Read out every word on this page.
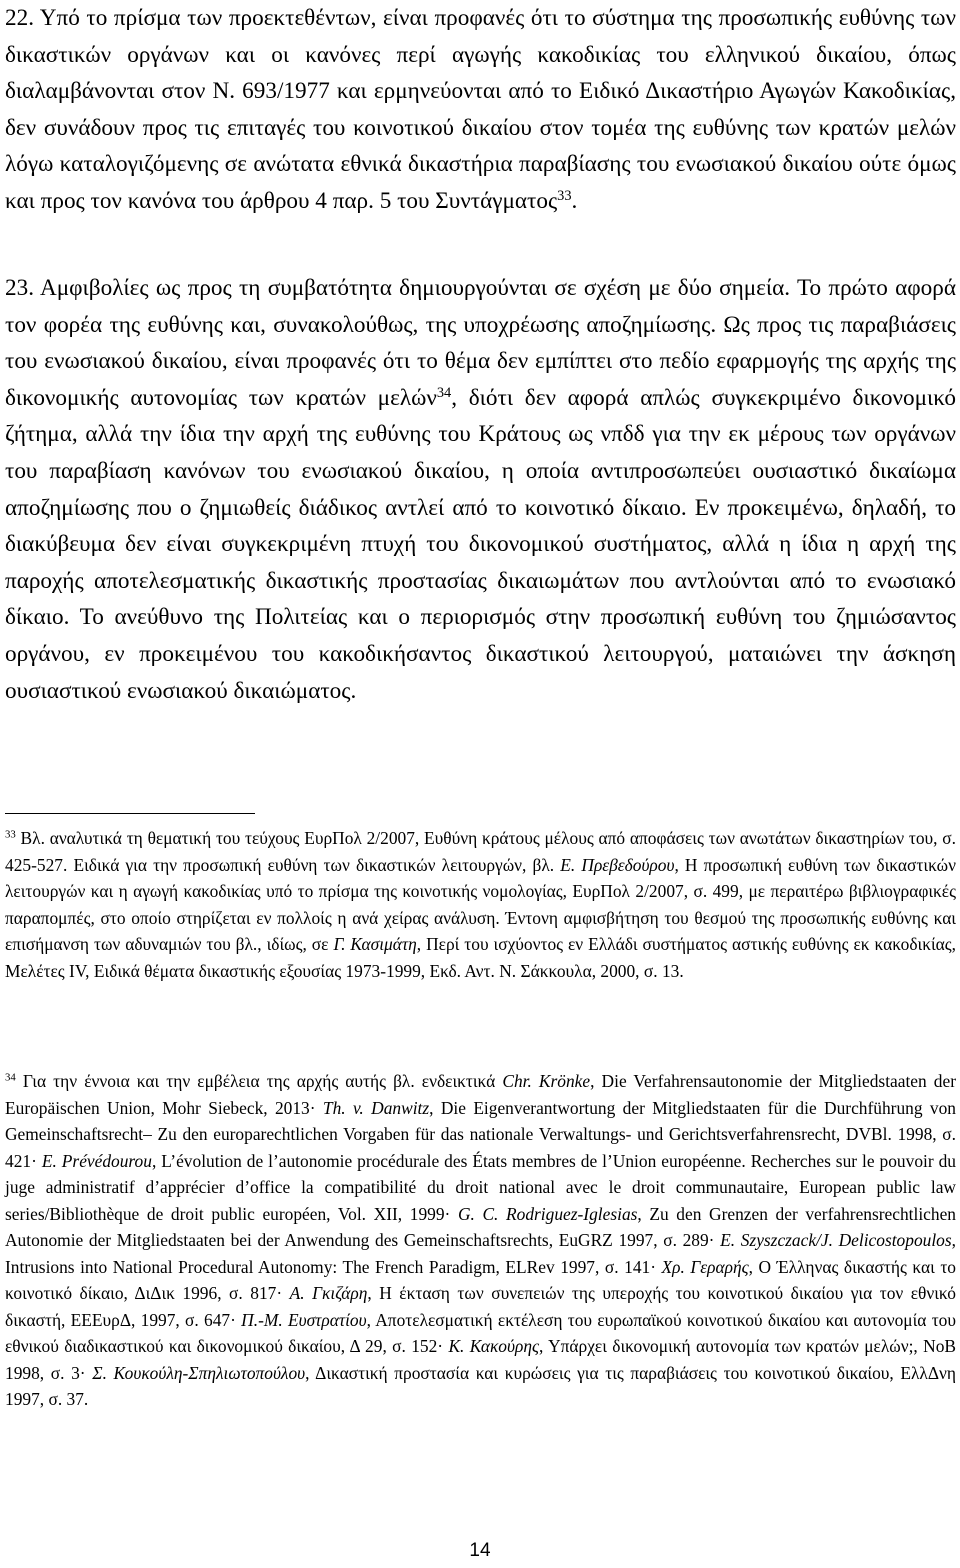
22. Υπό το πρίσμα των προεκτεθέντων, είναι προφανές ότι το σύστημα της προσωπικής ευθύνης των δικαστικών οργάνων και οι κανόνες περί αγωγής κακοδικίας του ελληνικού δικαίου, όπως διαλαμβάνονται στον Ν. 693/1977 και ερμηνεύονται από το Ειδικό Δικαστήριο Αγωγών Κακοδικίας, δεν συνάδουν προς τις επιταγές του κοινοτικού δικαίου στον τομέα της ευθύνης των κρατών μελών λόγω καταλογιζόμενης σε ανώτατα εθνικά δικαστήρια παραβίασης του ενωσιακού δικαίου ούτε όμως και προς τον κανόνα του άρθρου 4 παρ. 5 του Συντάγματος$^{33}$.
23. Αμφιβολίες ως προς τη συμβατότητα δημιουργούνται σε σχέση με δύο σημεία. Το πρώτο αφορά τον φορέα της ευθύνης και, συνακολούθως, της υποχρέωσης αποζημίωσης. Ως προς τις παραβιάσεις του ενωσιακού δικαίου, είναι προφανές ότι το θέμα δεν εμπίπτει στο πεδίο εφαρμογής της αρχής της δικονομικής αυτονομίας των κρατών μελών$^{34}$, διότι δεν αφορά απλώς συγκεκριμένο δικονομικό ζήτημα, αλλά την ίδια την αρχή της ευθύνης του Κράτους ως νπδδ για την εκ μέρους των οργάνων του παραβίαση κανόνων του ενωσιακού δικαίου, η οποία αντιπροσωπεύει ουσιαστικό δικαίωμα αποζημίωσης που ο ζημιωθείς διάδικος αντλεί από το κοινοτικό δίκαιο. Εν προκειμένω, δηλαδή, το διακύβευμα δεν είναι συγκεκριμένη πτυχή του δικονομικού συστήματος, αλλά η ίδια η αρχή της παροχής αποτελεσματικής δικαστικής προστασίας δικαιωμάτων που αντλούνται από το ενωσιακό δίκαιο. Το ανεύθυνο της Πολιτείας και ο περιορισμός στην προσωπική ευθύνη του ζημιώσαντος οργάνου, εν προκειμένου του κακοδικήσαντος δικαστικού λειτουργού, ματαιώνει την άσκηση ουσιαστικού ενωσιακού δικαιώματος.
$^{33}$ Βλ. αναλυτικά τη θεματική του τεύχους ΕυρΠολ 2/2007, Ευθύνη κράτους μέλους από αποφάσεις των ανωτάτων δικαστηρίων του, σ. 425-527. Ειδικά για την προσωπική ευθύνη των δικαστικών λειτουργών, βλ. Ε. Πρεβεδούρου, Η προσωπική ευθύνη των δικαστικών λειτουργών και η αγωγή κακοδικίας υπό το πρίσμα της κοινοτικής νομολογίας, ΕυρΠολ 2/2007, σ. 499, με περαιτέρω βιβλιογραφικές παραπομπές, στο οποίο στηρίζεται εν πολλοίς η ανά χείρας ανάλυση. Έντονη αμφισβήτηση του θεσμού της προσωπικής ευθύνης και επισήμανση των αδυναμιών του βλ., ιδίως, σε Γ. Κασιμάτη, Περί του ισχύοντος εν Ελλάδι συστήματος αστικής ευθύνης εκ κακοδικίας, Μελέτες IV, Ειδικά θέματα δικαστικής εξουσίας 1973-1999, Εκδ. Αντ. Ν. Σάκκουλα, 2000, σ. 13.
$^{34}$ Για την έννοια και την εμβέλεια της αρχής αυτής βλ. ενδεικτικά Chr. Krönke, Die Verfahrensautonomie der Mitgliedstaaten der Europäischen Union, Mohr Siebeck, 2013· Th. v. Danwitz, Die Eigenverantwortung der Mitgliedstaaten für die Durchführung von Gemeinschaftsrecht– Zu den europarechtlichen Vorgaben für das nationale Verwaltungs- und Gerichtsverfahrensrecht, DVBl. 1998, σ. 421· E. Prévédourou, L’évolution de l’autonomie procédurale des États membres de l’Union européenne. Recherches sur le pouvoir du juge administratif d’apprécier d’office la compatibilité du droit national avec le droit communautaire, European public law series/Bibliothèque de droit public européen, Vol. XII, 1999· G. C. Rodriguez-Iglesias, Zu den Grenzen der verfahrensrechtlichen Autonomie der Mitgliedstaaten bei der Anwendung des Gemeinschaftsrechts, EuGRZ 1997, σ. 289· E. Szyszczack/J. Delicostopoulos, Intrusions into National Procedural Autonomy: The French Paradigm, ELRev 1997, σ. 141· Χρ. Γεραρής, Ο Έλληνας δικαστής και το κοινοτικό δίκαιο, ΔιΔικ 1996, σ. 817· Α. Γκιζάρη, Η έκταση των συνεπειών της υπεροχής του κοινοτικού δικαίου για τον εθνικό δικαστή, ΕΕΕυρΔ, 1997, σ. 647· Π.-Μ. Ευστρατίου, Αποτελεσματική εκτέλεση του ευρωπαϊκού κοινοτικού δικαίου και αυτονομία του εθνικού διαδικαστικού και δικονομικού δικαίου, Δ 29, σ. 152· Κ. Κακούρης, Υπάρχει δικονομική αυτονομία των κρατών μελών;, NoB 1998, σ. 3· Σ. Κουκούλη-Σπηλιωτοπούλου, Δικαστική προστασία και κυρώσεις για τις παραβιάσεις του κοινοτικού δικαίου, ΕλλΔνη 1997, σ. 37.
14
